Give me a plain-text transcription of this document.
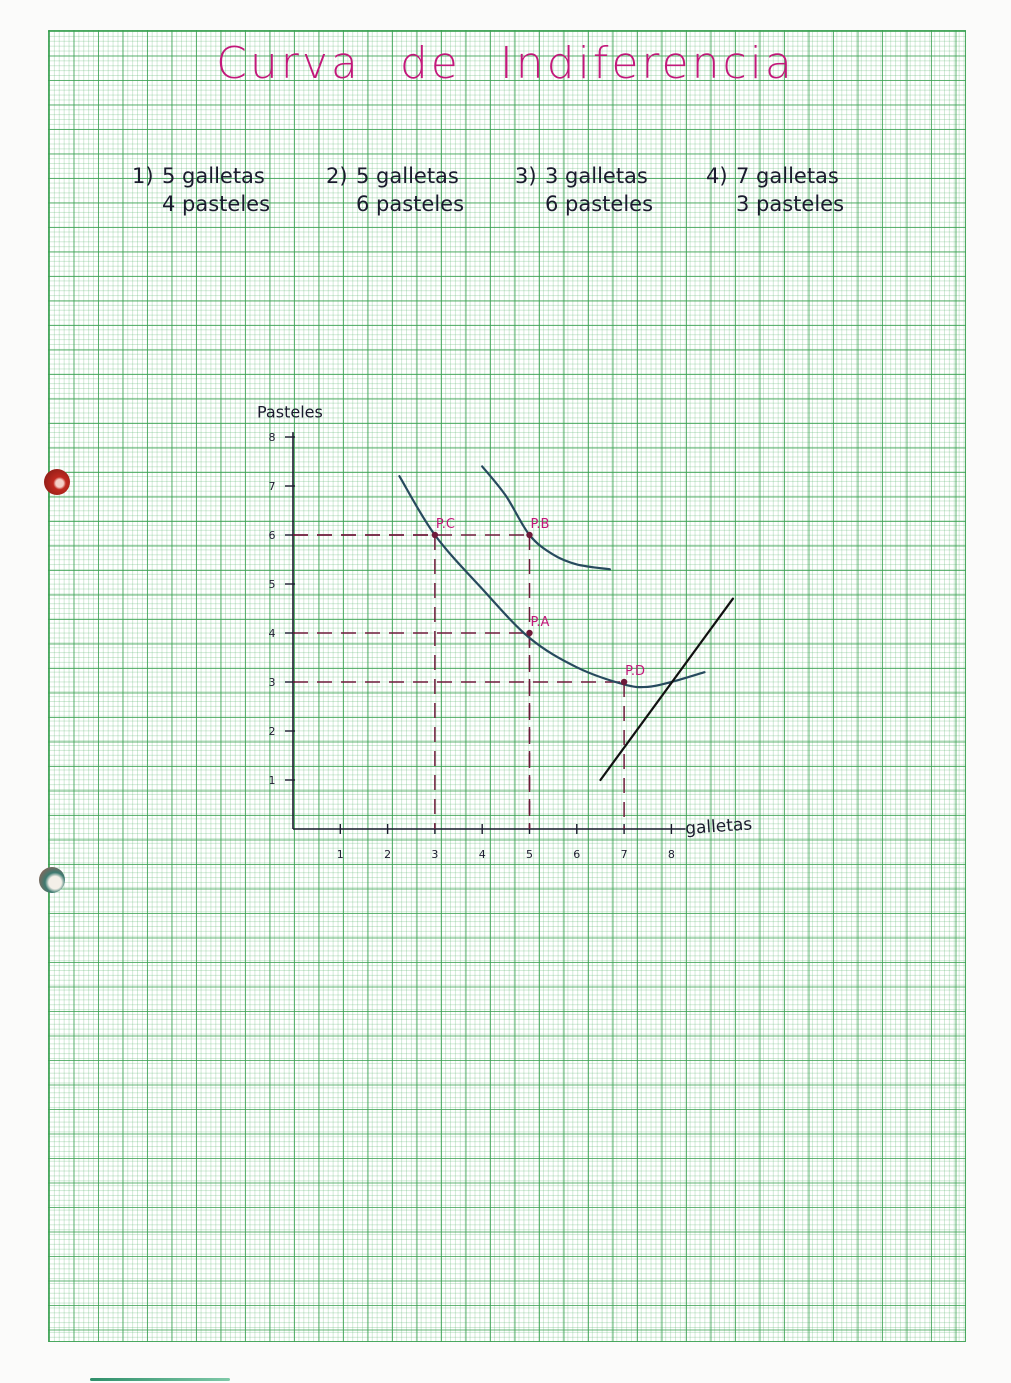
Curva de Indiferencia
1) 5 galletas
4 pasteles
2) 5 galletas
6 pasteles
3) 3 galletas
6 pasteles
4) 7 galletas
3 pasteles
1	2	3	4	5	6	7	8
1
2
3
4
5
6
7
8
galletas
Pasteles
P.A
P.B
P.C
P.D
